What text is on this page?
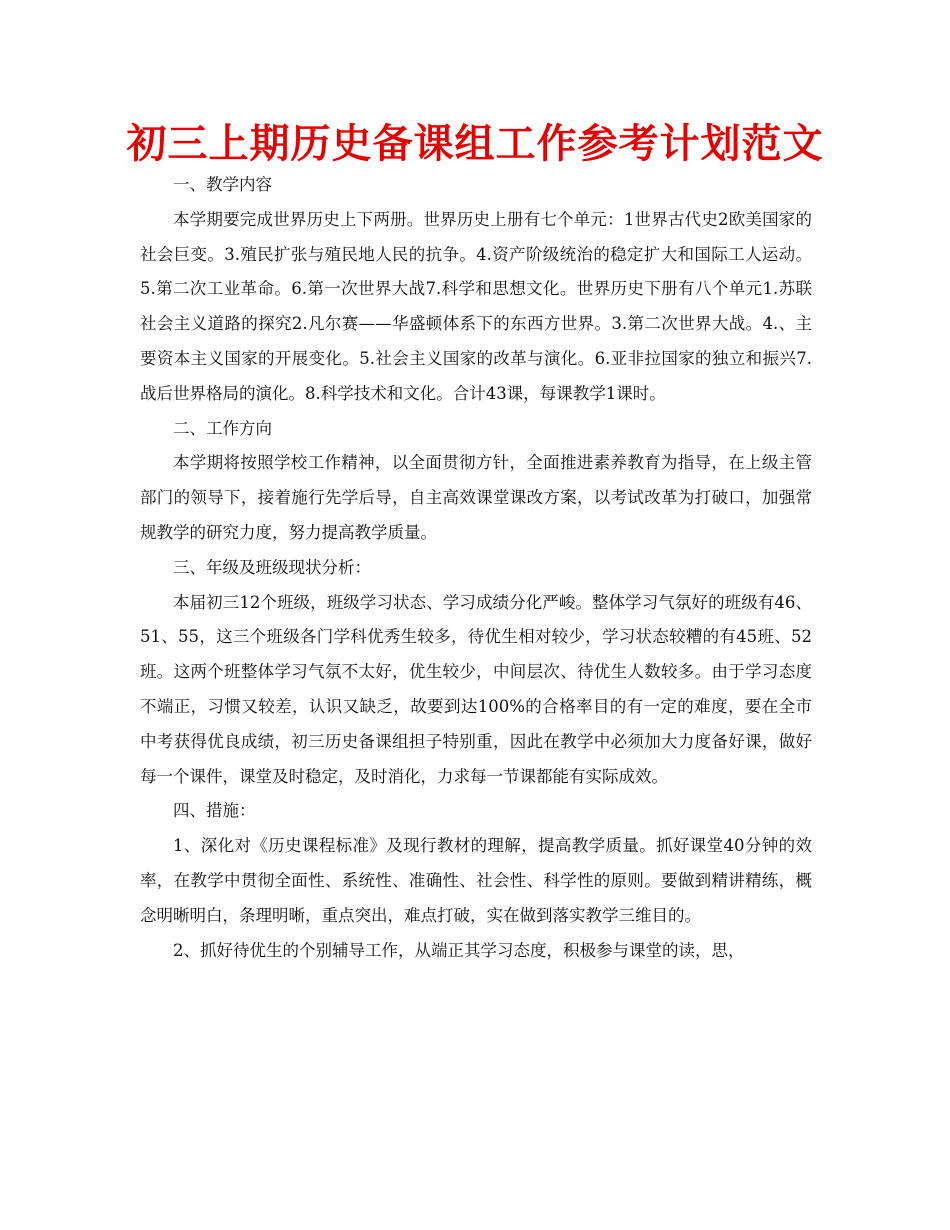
初三上期历史备课组工作参考计划范文

一、教学内容

本学期要完成世界历史上下两册。世界历史上册有七个单元：1世界古代史2欧美国家的社会巨变。3.殖民扩张与殖民地人民的抗争。4.资产阶级统治的稳定扩大和国际工人运动。5.第二次工业革命。6.第一次世界大战7.科学和思想文化。世界历史下册有八个单元1.苏联社会主义道路的探究2.凡尔赛——华盛顿体系下的东西方世界。3.第二次世界大战。4.、主要资本主义国家的开展变化。5.社会主义国家的改革与演化。6.亚非拉国家的独立和振兴7.战后世界格局的演化。8.科学技术和文化。合计43课，每课教学1课时。

二、工作方向

本学期将按照学校工作精神，以全面贯彻方针，全面推进素养教育为指导，在上级主管部门的领导下，接着施行先学后导，自主高效课堂课改方案，以考试改革为打破口，加强常规教学的研究力度，努力提高教学质量。

三、年级及班级现状分析：

本届初三12个班级，班级学习状态、学习成绩分化严峻。整体学习气氛好的班级有46、51、55，这三个班级各门学科优秀生较多，待优生相对较少，学习状态较糟的有45班、52班。这两个班整体学习气氛不太好，优生较少，中间层次、待优生人数较多。由于学习态度不端正，习惯又较差，认识又缺乏，故要到达100%的合格率目的有一定的难度，要在全市中考获得优良成绩，初三历史备课组担子特别重，因此在教学中必须加大力度备好课，做好每一个课件，课堂及时稳定，及时消化，力求每一节课都能有实际成效。

四、措施：

1、深化对《历史课程标准》及现行教材的理解，提高教学质量。抓好课堂40分钟的效率，在教学中贯彻全面性、系统性、准确性、社会性、科学性的原则。要做到精讲精练，概念明晰明白，条理明晰，重点突出，难点打破，实在做到落实教学三维目的。

2、抓好待优生的个别辅导工作，从端正其学习态度，积极参与课堂的读，思，
